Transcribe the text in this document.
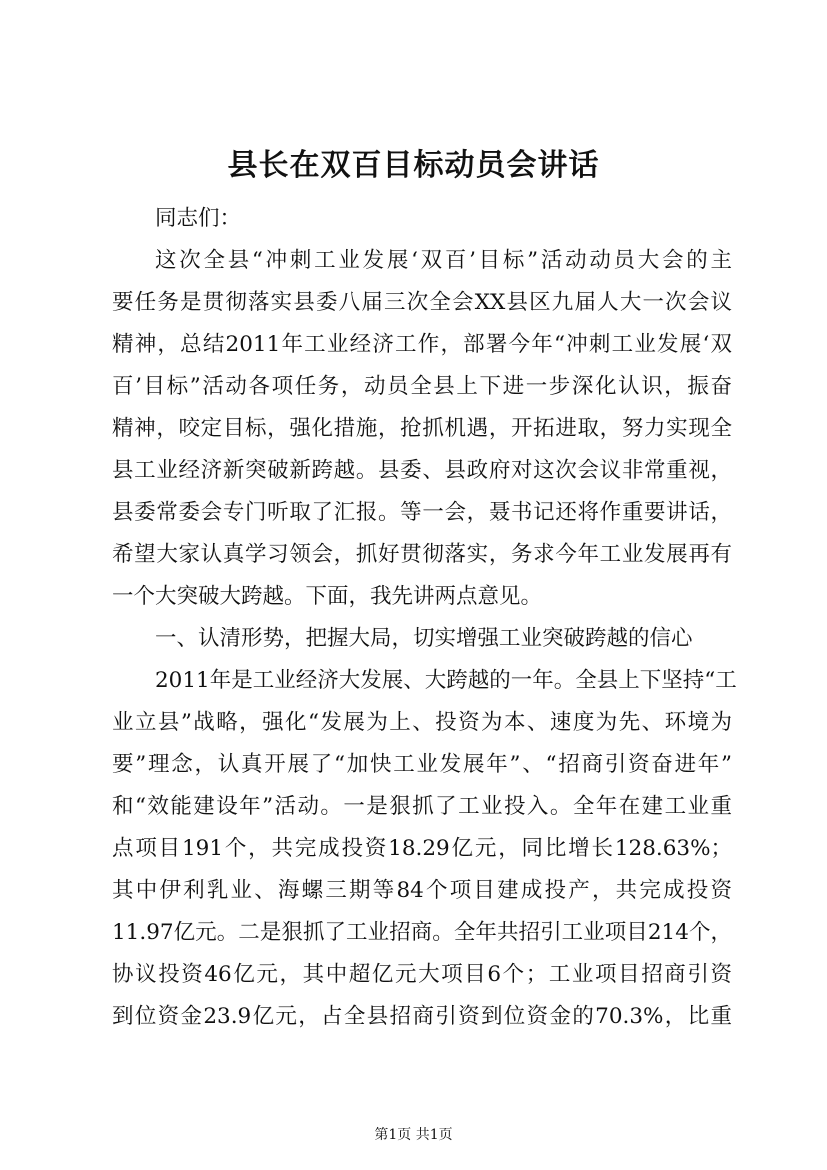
县长在双百目标动员会讲话
同志们：
这次全县“冲刺工业发展‘双百’目标”活动动员大会的主
要任务是贯彻落实县委八届三次全会XX县区九届人大一次会议
精神，总结2011年工业经济工作，部署今年“冲刺工业发展‘双
百’目标”活动各项任务，动员全县上下进一步深化认识，振奋
精神，咬定目标，强化措施，抢抓机遇，开拓进取，努力实现全
县工业经济新突破新跨越。县委、县政府对这次会议非常重视，
县委常委会专门听取了汇报。等一会，聂书记还将作重要讲话，
希望大家认真学习领会，抓好贯彻落实，务求今年工业发展再有
一个大突破大跨越。下面，我先讲两点意见。
一、认清形势，把握大局，切实增强工业突破跨越的信心
2011年是工业经济大发展、大跨越的一年。全县上下坚持“工
业立县”战略，强化“发展为上、投资为本、速度为先、环境为
要”理念，认真开展了“加快工业发展年”、“招商引资奋进年”
和“效能建设年”活动。一是狠抓了工业投入。全年在建工业重
点项目191个，共完成投资18.29亿元，同比增长128.63%；
其中伊利乳业、海螺三期等84个项目建成投产，共完成投资
11.97亿元。二是狠抓了工业招商。全年共招引工业项目214个，
协议投资46亿元，其中超亿元大项目6个；工业项目招商引资
到位资金23.9亿元，占全县招商引资到位资金的70.3%，比重
第1页 共1页
